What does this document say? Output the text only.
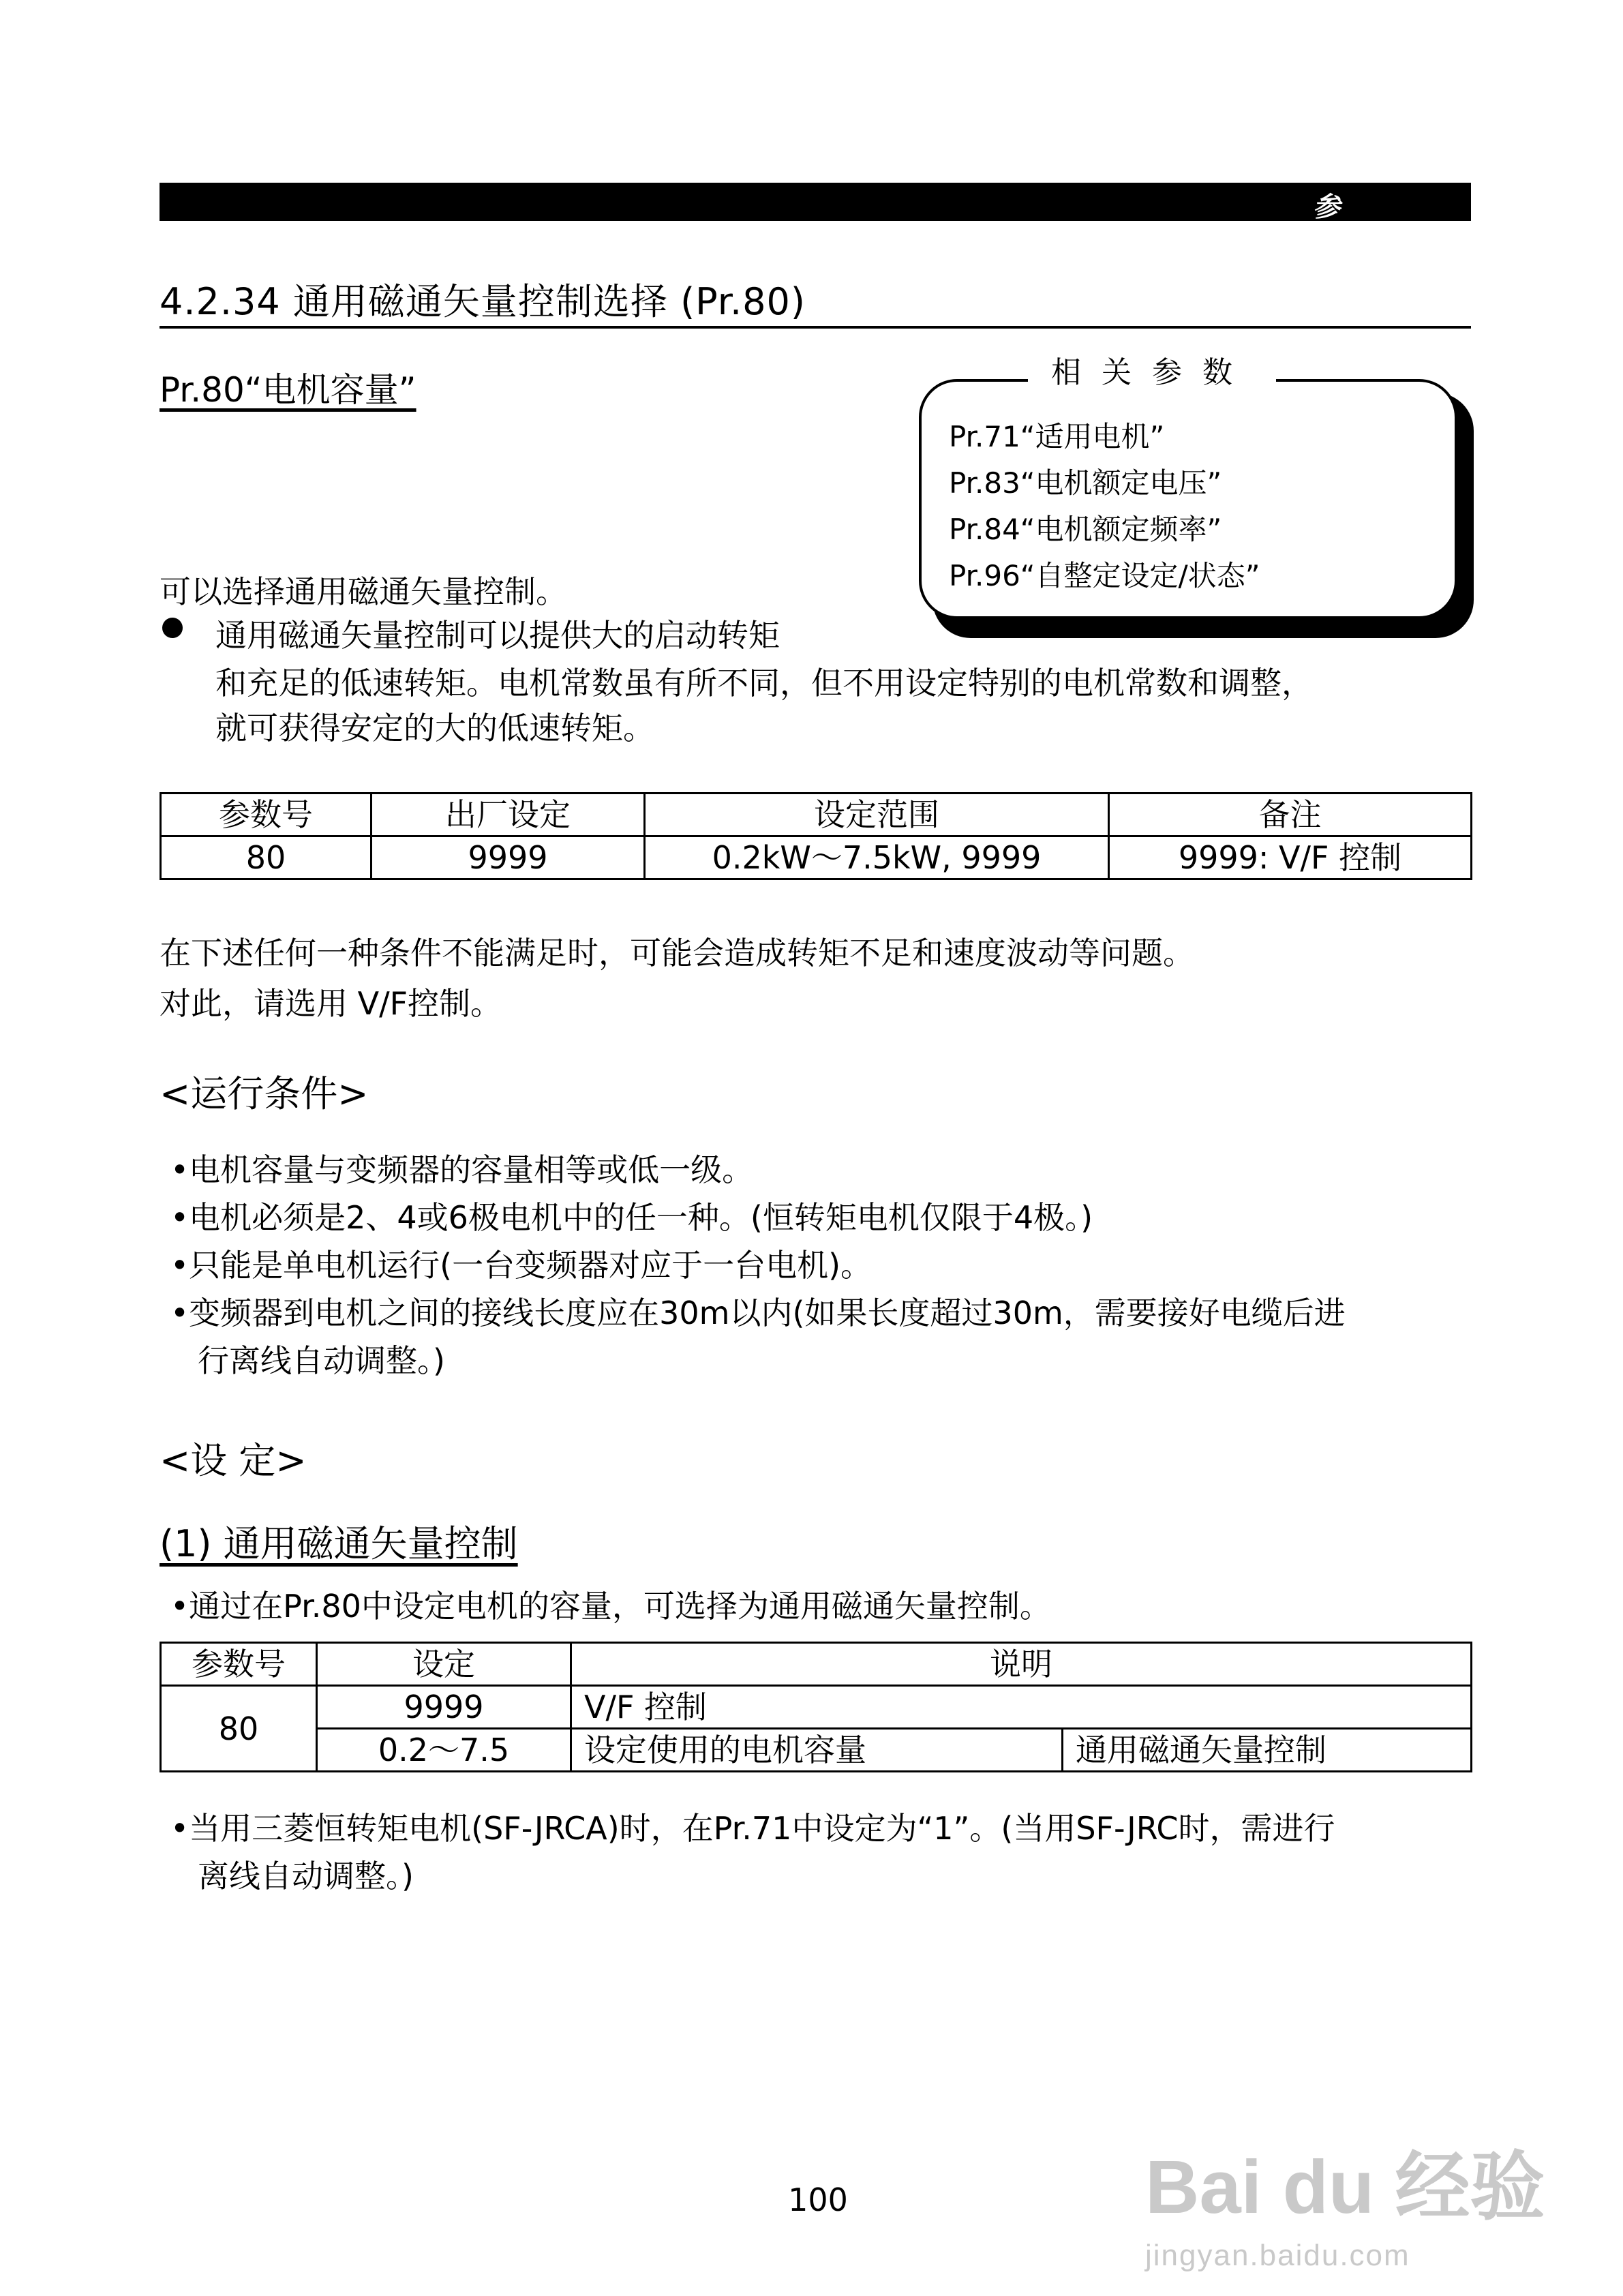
参	数
4.2.34 通用磁通矢量控制选择 (Pr.80)
Pr.80“电机容量”	相关参数
Pr.71“适用电机”
Pr.83“电机额定电压”
Pr.84“电机额定频率”
Pr.96“自整定设定/状态”
可以选择通用磁通矢量控制。
通用磁通矢量控制可以提供大的启动转矩
和充足的低速转矩。电机常数虽有所不同，但不用设定特别的电机常数和调整，
就可获得安定的大的低速转矩。
参数号	出厂设定	设定范围	备注
80	9999	0.2kW～7.5kW, 9999	9999: V/F 控制
在下述任何一种条件不能满足时，可能会造成转矩不足和速度波动等问题。
对此，请选用 V/F控制。
<运行条件>
•电机容量与变频器的容量相等或低一级。
•电机必须是2、4或6极电机中的任一种。(恒转矩电机仅限于4极。)
•只能是单电机运行(一台变频器对应于一台电机)。
•变频器到电机之间的接线长度应在30m以内(如果长度超过30m，需要接好电缆后进
行离线自动调整。)
<设 定>
(1) 通用磁通矢量控制
•通过在Pr.80中设定电机的容量，可选择为通用磁通矢量控制。
参数号	设定	说明	
80	9999	V/F 控制	
	0.2～7.5	设定使用的电机容量	通用磁通矢量控制
•当用三菱恒转矩电机(SF-JRCA)时，在Pr.71中设定为“1”。(当用SF-JRC时，需进行
离线自动调整。)
100	Bai du 经验
jingyan.baidu.com
